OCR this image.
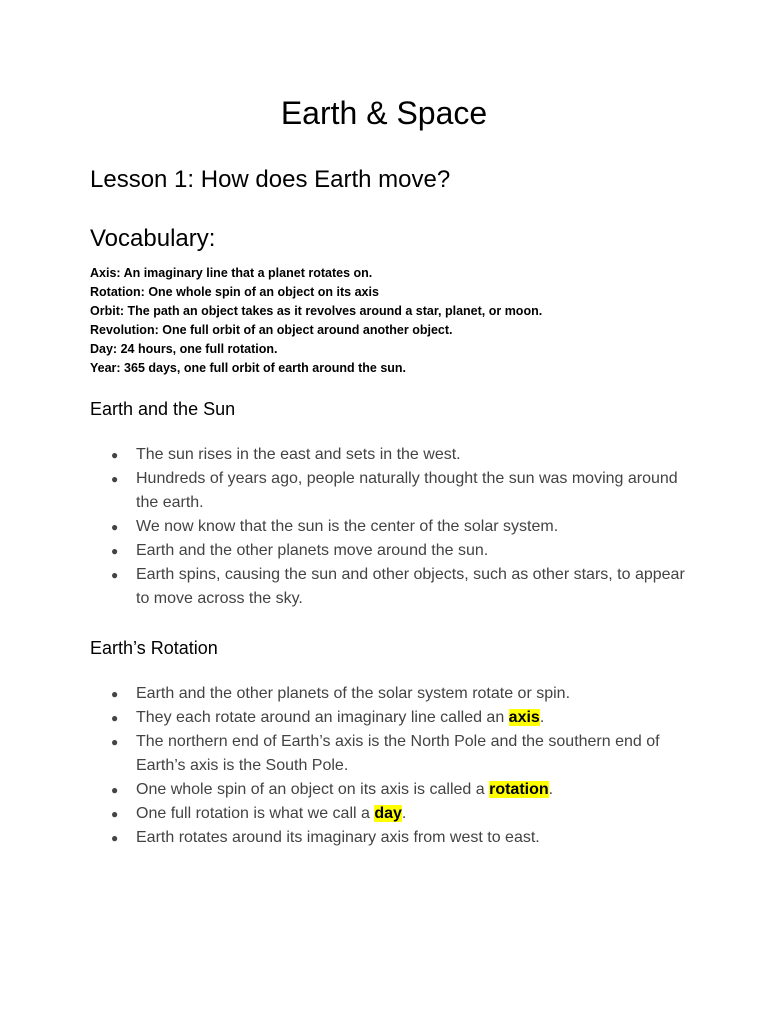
Earth & Space
Lesson 1: How does Earth move?
Vocabulary:
Axis: An imaginary line that a planet rotates on.
Rotation: One whole spin of an object on its axis
Orbit: The path an object takes as it revolves around a star, planet, or moon.
Revolution: One full orbit of an object around another object.
Day: 24 hours, one full rotation.
Year: 365 days, one full orbit of earth around the sun.
Earth and the Sun
● The sun rises in the east and sets in the west.
● Hundreds of years ago, people naturally thought the sun was moving around the earth.
● We now know that the sun is the center of the solar system.
● Earth and the other planets move around the sun.
● Earth spins, causing the sun and other objects, such as other stars, to appear to move across the sky.
Earth’s Rotation
● Earth and the other planets of the solar system rotate or spin.
● They each rotate around an imaginary line called an axis.
● The northern end of Earth’s axis is the North Pole and the southern end of Earth’s axis is the South Pole.
● One whole spin of an object on its axis is called a rotation.
● One full rotation is what we call a day.
● Earth rotates around its imaginary axis from west to east.
